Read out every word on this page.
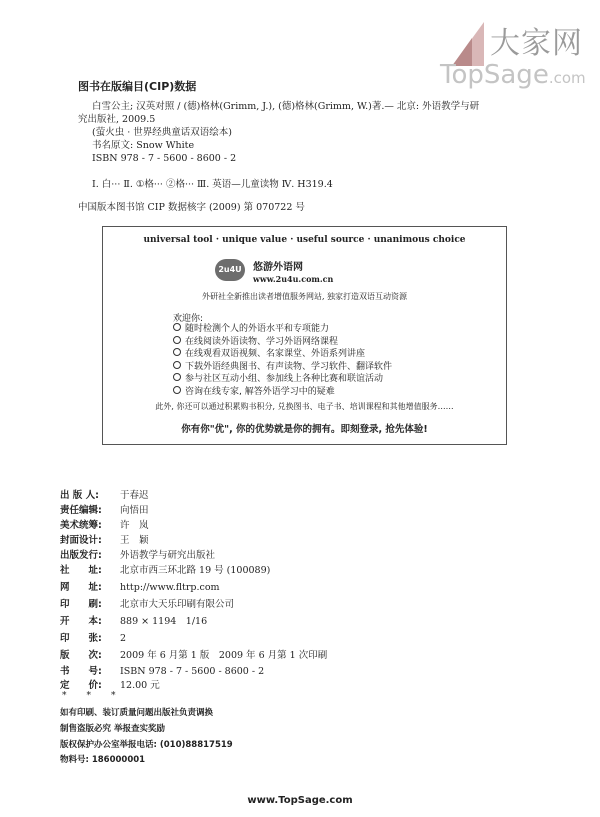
大家网
TopSage.com
图书在版编目(CIP)数据
白雪公主; 汉英对照 / (德)格林(Grimm, J.), (德)格林(Grimm, W.)著.— 北京: 外语教学与研
究出版社, 2009.5
(萤火虫 · 世界经典童话双语绘本)
书名原文: Snow White
ISBN 978 - 7 - 5600 - 8600 - 2
Ⅰ. 白··· Ⅱ. ①格··· ②格··· Ⅲ. 英语—儿童读物 Ⅳ. H319.4
中国版本图书馆 CIP 数据核字 (2009) 第 070722 号
universal tool · unique value · useful source · unanimous choice
2u4U	悠游外语网
www.2u4u.com.cn
外研社全新推出读者增值服务网站, 独家打造双语互动资源
欢迎你:
随时检测个人的外语水平和专项能力
在线阅读外语读物、学习外语网络课程
在线观看双语视频、名家课堂、外语系列讲座
下载外语经典图书、有声读物、学习软件、翻译软件
参与社区互动小组、参加线上各种比赛和联谊活动
咨询在线专家, 解答外语学习中的疑难
此外, 你还可以通过积累购书积分, 兑换图书、电子书、培训课程和其他增值服务……
你有你"优", 你的优势就是你的拥有。即刻登录, 抢先体验!
出 版 人: 于春迟
责任编辑: 向悟田
美术统筹: 许　岚
封面设计: 王　颖
出版发行: 外语教学与研究出版社
社　　址: 北京市西三环北路 19 号 (100089)
网　　址: http://www.fltrp.com
印　　刷: 北京市大天乐印刷有限公司
开　　本: 889 × 1194　1/16
印　　张: 2
版　　次: 2009 年 6 月第 1 版　2009 年 6 月第 1 次印刷
书　　号: ISBN 978 - 7 - 5600 - 8600 - 2
定　　价: 12.00 元
* * *
如有印刷、装订质量问题出版社负责调换
制售盗版必究 举报查实奖励
版权保护办公室举报电话: (010)88817519
物料号: 186000001
www.TopSage.com
